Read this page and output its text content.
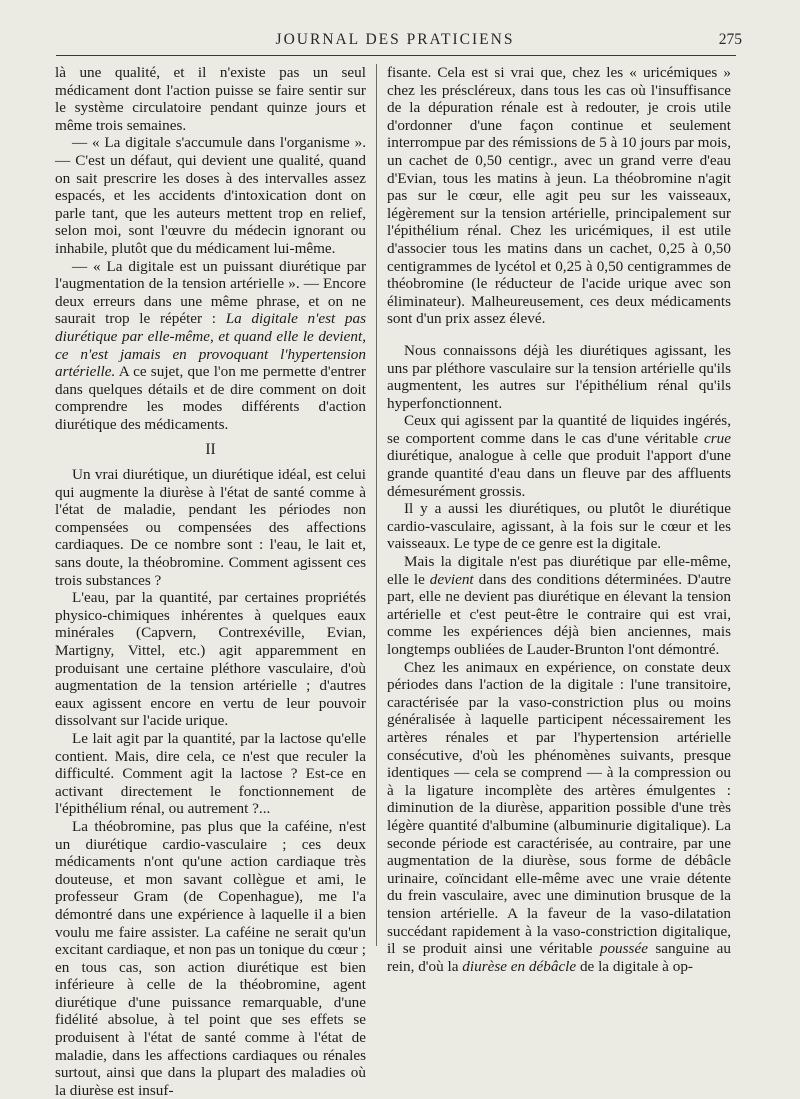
JOURNAL DES PRATICIENS	275

là une qualité, et il n'existe pas un seul médicament dont l'action puisse se faire sentir sur le système circulatoire pendant quinze jours et même trois semaines.

— « La digitale s'accumule dans l'organisme ». — C'est un défaut, qui devient une qualité, quand on sait prescrire les doses à des intervalles assez espacés, et les accidents d'intoxication dont on parle tant, que les auteurs mettent trop en relief, selon moi, sont l'œuvre du médecin ignorant ou inhabile, plutôt que du médicament lui-même.

— « La digitale est un puissant diurétique par l'augmentation de la tension artérielle ». — Encore deux erreurs dans une même phrase, et on ne saurait trop le répéter : La digitale n'est pas diurétique par elle-même, et quand elle le devient, ce n'est jamais en provoquant l'hypertension artérielle. A ce sujet, que l'on me permette d'entrer dans quelques détails et de dire comment on doit comprendre les modes différents d'action diurétique des médicaments.

II

Un vrai diurétique, un diurétique idéal, est celui qui augmente la diurèse à l'état de santé comme à l'état de maladie, pendant les périodes non compensées ou compensées des affections cardiaques. De ce nombre sont : l'eau, le lait et, sans doute, la théobromine. Comment agissent ces trois substances ?

L'eau, par la quantité, par certaines propriétés physico-chimiques inhérentes à quelques eaux minérales (Capvern, Contrexéville, Evian, Martigny, Vittel, etc.) agit apparemment en produisant une certaine pléthore vasculaire, d'où augmentation de la tension artérielle ; d'autres eaux agissent encore en vertu de leur pouvoir dissolvant sur l'acide urique.

Le lait agit par la quantité, par la lactose qu'elle contient. Mais, dire cela, ce n'est que reculer la difficulté. Comment agit la lactose ? Est-ce en activant directement le fonctionnement de l'épithélium rénal, ou autrement ?...

La théobromine, pas plus que la caféine, n'est un diurétique cardio-vasculaire ; ces deux médicaments n'ont qu'une action cardiaque très douteuse, et mon savant collègue et ami, le professeur Gram (de Copenhague), me l'a démontré dans une expérience à laquelle il a bien voulu me faire assister. La caféine ne serait qu'un excitant cardiaque, et non pas un tonique du cœur ; en tous cas, son action diurétique est bien inférieure à celle de la théobromine, agent diurétique d'une puissance remarquable, d'une fidélité absolue, à tel point que ses effets se produisent à l'état de santé comme à l'état de maladie, dans les affections cardiaques ou rénales surtout, ainsi que dans la plupart des maladies où la diurèse est insuf-

fisante. Cela est si vrai que, chez les « uricémiques » chez les préscléreux, dans tous les cas où l'insuffisance de la dépuration rénale est à redouter, je crois utile d'ordonner d'une façon continue et seulement interrompue par des rémissions de 5 à 10 jours par mois, un cachet de 0,50 centigr., avec un grand verre d'eau d'Evian, tous les matins à jeun. La théobromine n'agit pas sur le cœur, elle agit peu sur les vaisseaux, légèrement sur la tension artérielle, principalement sur l'épithélium rénal. Chez les uricémiques, il est utile d'associer tous les matins dans un cachet, 0,25 à 0,50 centigrammes de lycétol et 0,25 à 0,50 centigrammes de théobromine (le réducteur de l'acide urique avec son éliminateur). Malheureusement, ces deux médicaments sont d'un prix assez élevé.

Nous connaissons déjà les diurétiques agissant, les uns par pléthore vasculaire sur la tension artérielle qu'ils augmentent, les autres sur l'épithélium rénal qu'ils hyperfonctionnent.

Ceux qui agissent par la quantité de liquides ingérés, se comportent comme dans le cas d'une véritable crue diurétique, analogue à celle que produit l'apport d'une grande quantité d'eau dans un fleuve par des affluents démesurément grossis.

Il y a aussi les diurétiques, ou plutôt le diurétique cardio-vasculaire, agissant, à la fois sur le cœur et les vaisseaux. Le type de ce genre est la digitale.

Mais la digitale n'est pas diurétique par elle-même, elle le devient dans des conditions déterminées. D'autre part, elle ne devient pas diurétique en élevant la tension artérielle et c'est peut-être le contraire qui est vrai, comme les expériences déjà bien anciennes, mais longtemps oubliées de Lauder-Brunton l'ont démontré.

Chez les animaux en expérience, on constate deux périodes dans l'action de la digitale : l'une transitoire, caractérisée par la vaso-constriction plus ou moins généralisée à laquelle participent nécessairement les artères rénales et par l'hypertension artérielle consécutive, d'où les phénomènes suivants, presque identiques — cela se comprend — à la compression ou à la ligature incomplète des artères émulgentes : diminution de la diurèse, apparition possible d'une très légère quantité d'albumine (albuminurie digitalique). La seconde période est caractérisée, au contraire, par une augmentation de la diurèse, sous forme de débâcle urinaire, coïncidant elle-même avec une vraie détente du frein vasculaire, avec une diminution brusque de la tension artérielle. A la faveur de la vaso-dilatation succédant rapidement à la vaso-constriction digitalique, il se produit ainsi une véritable poussée sanguine au rein, d'où la diurèse en débâcle de la digitale à op-
